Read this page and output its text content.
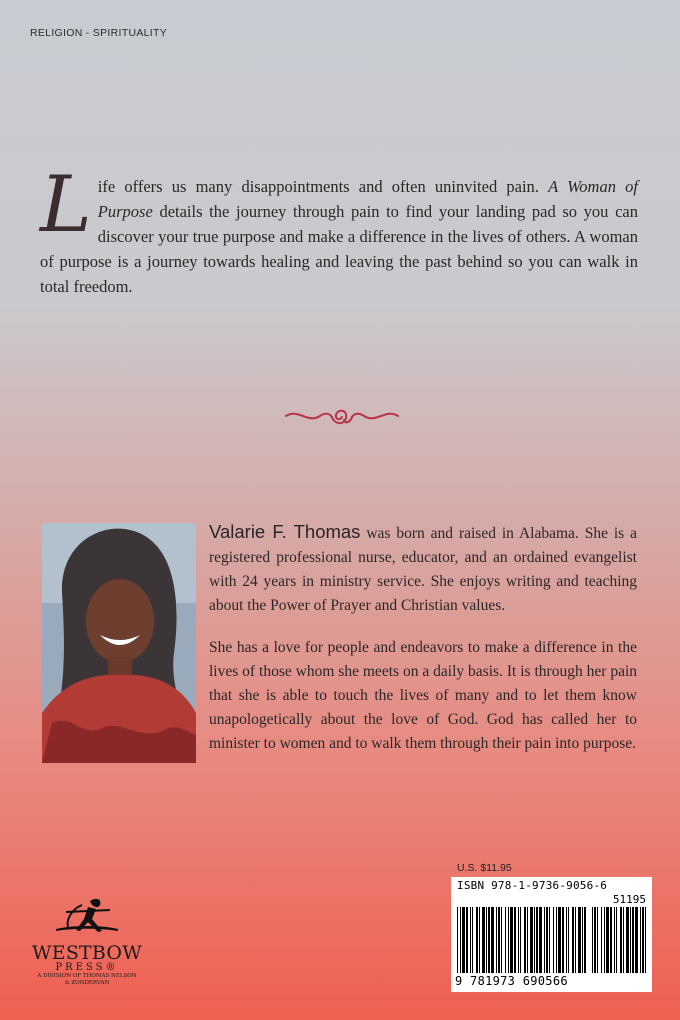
RELIGION - SPIRITUALITY
Life offers us many disappointments and often uninvited pain. A Woman of Purpose details the journey through pain to find your landing pad so you can discover your true purpose and make a difference in the lives of others. A woman of purpose is a journey towards healing and leaving the past behind so you can walk in total freedom.

Valarie F. Thomas was born and raised in Alabama. She is a registered professional nurse, educator, and an ordained evangelist with 24 years in ministry service. She enjoys writing and teaching about the Power of Prayer and Christian values.

She has a love for people and endeavors to make a difference in the lives of those whom she meets on a daily basis. It is through her pain that she is able to touch the lives of many and to let them know unapologetically about the love of God. God has called her to minister to women and to walk them through their pain into purpose.

U.S. $11.95
ISBN 978-1-9736-9056-6
51195
9 781973 690566
WESTBOW
PRESS®
A DIVISION OF THOMAS NELSON
& ZONDERVAN
